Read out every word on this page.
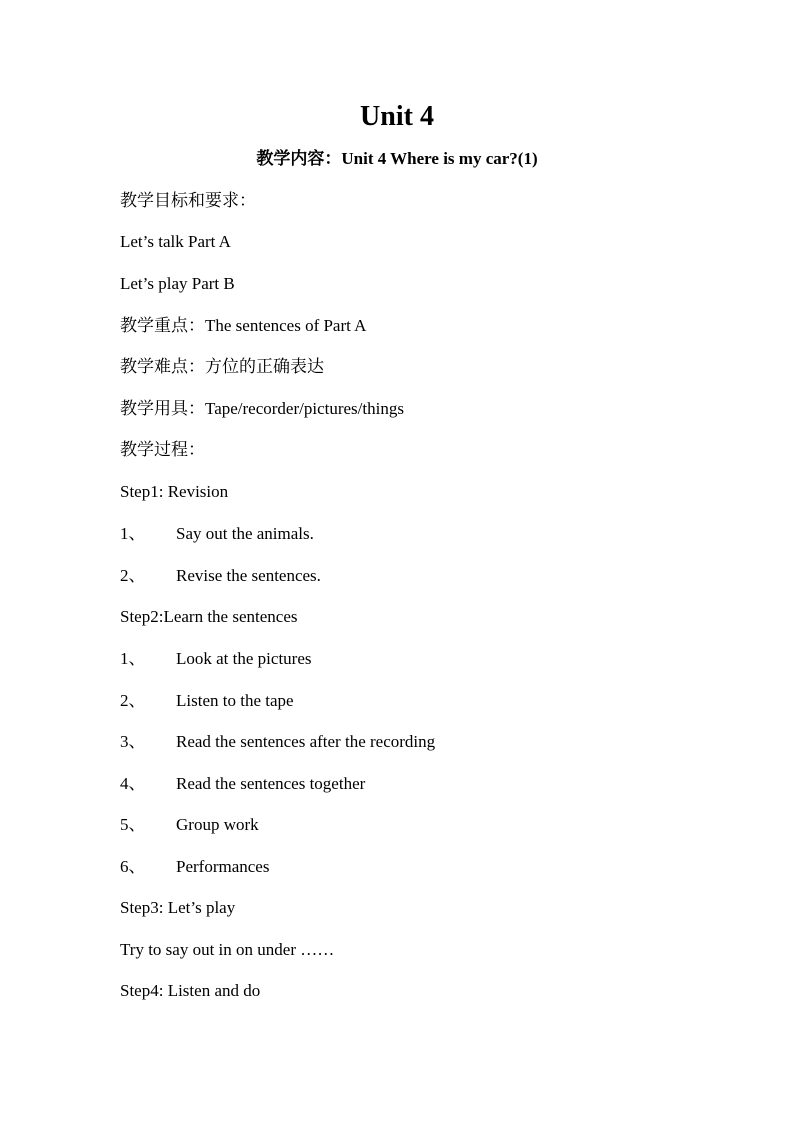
Unit 4
教学内容：Unit 4 Where is my car?(1)
教学目标和要求：
Let’s talk Part A
Let’s play Part B
教学重点：The sentences of Part A
教学难点：方位的正确表达
教学用具：Tape/recorder/pictures/things
教学过程：
Step1: Revision
1、 Say out the animals.
2、 Revise the sentences.
Step2:Learn the sentences
1、 Look at the pictures
2、 Listen to the tape
3、 Read the sentences after the recording
4、 Read the sentences together
5、 Group work
6、 Performances
Step3: Let’s play
Try to say out in on under ……
Step4: Listen and do
